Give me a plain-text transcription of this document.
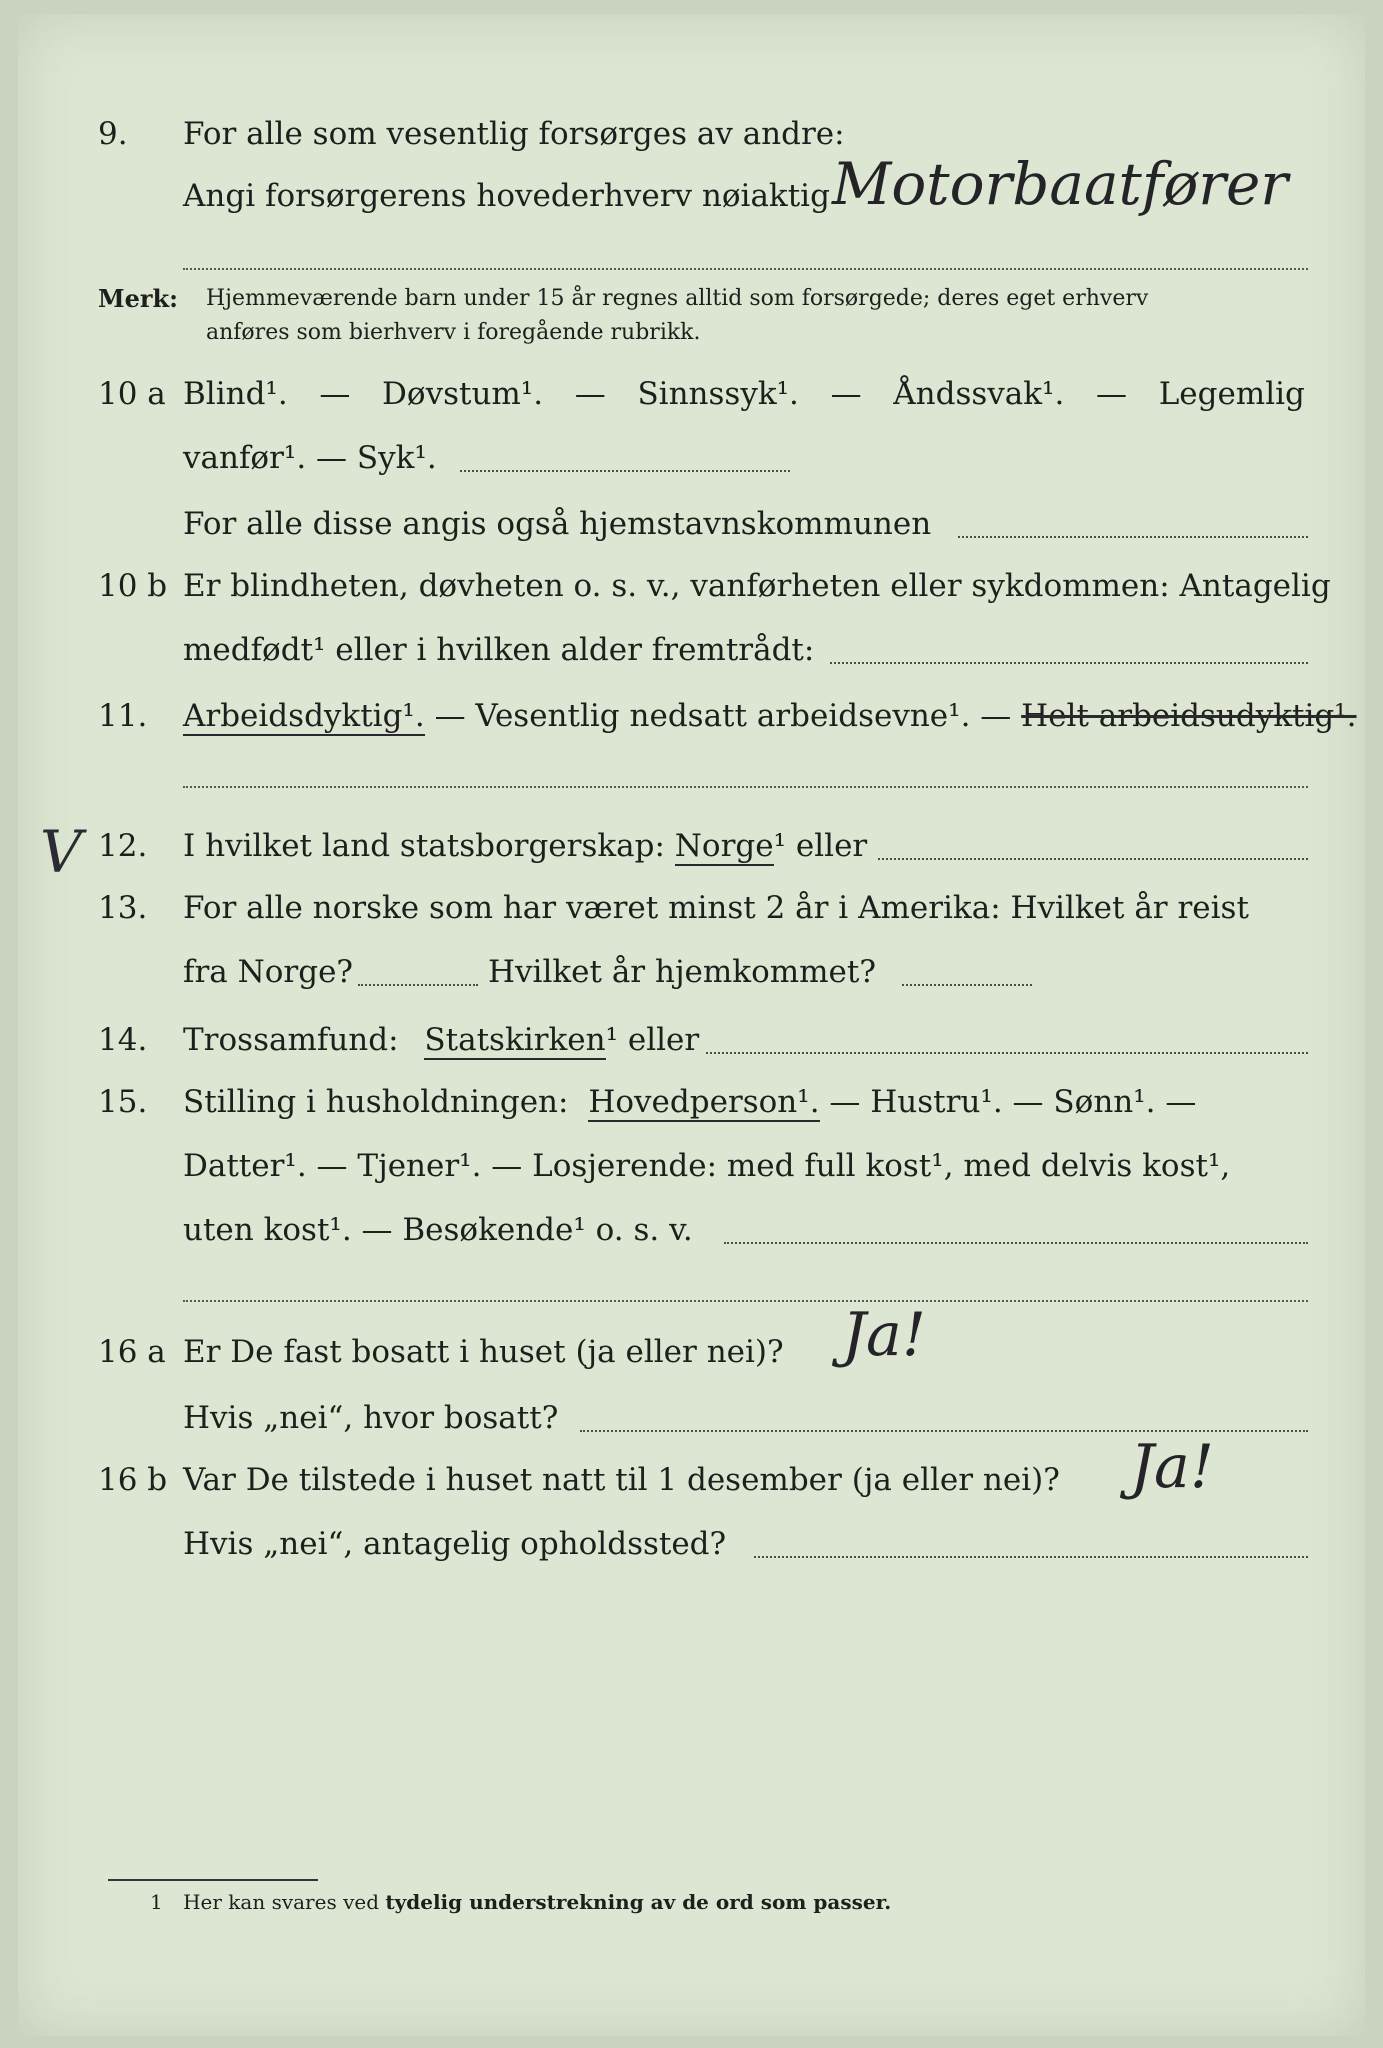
9. For alle som vesentlig forsørges av andre:
Angi forsørgerens hovederhverv nøiaktig Motorbaatfører
Merk: Hjemmeværende barn under 15 år regnes alltid som forsørgede; deres eget erhverv
anføres som bierhverv i foregående rubrikk.
10 a Blind¹. — Døvstum¹. — Sinnssyk¹. — Åndssvak¹. — Legemlig
vanfør¹. — Syk¹.
For alle disse angis også hjemstavnskommunen
10 b Er blindheten, døvheten o. s. v., vanførheten eller sykdommen: Antagelig
medfødt¹ eller i hvilken alder fremtrådt:
11. Arbeidsdyktig¹. — Vesentlig nedsatt arbeidsevne¹. — Helt arbeidsudyktig¹.
V 12. I hvilket land statsborgerskap: Norge¹ eller
13. For alle norske som har været minst 2 år i Amerika: Hvilket år reist
fra Norge?	Hvilket år hjemkommet?
14. Trossamfund: Statskirken¹ eller
15. Stilling i husholdningen: Hovedperson¹. — Hustru¹. — Sønn¹. —
Datter¹. — Tjener¹. — Losjerende: med full kost¹, med delvis kost¹,
uten kost¹. — Besøkende¹ o. s. v.
16 a Er De fast bosatt i huset (ja eller nei)? Ja!
Hvis „nei“, hvor bosatt?
16 b Var De tilstede i huset natt til 1 desember (ja eller nei)? Ja!
Hvis „nei“, antagelig opholdssted?
1 Her kan svares ved tydelig understrekning av de ord som passer.
